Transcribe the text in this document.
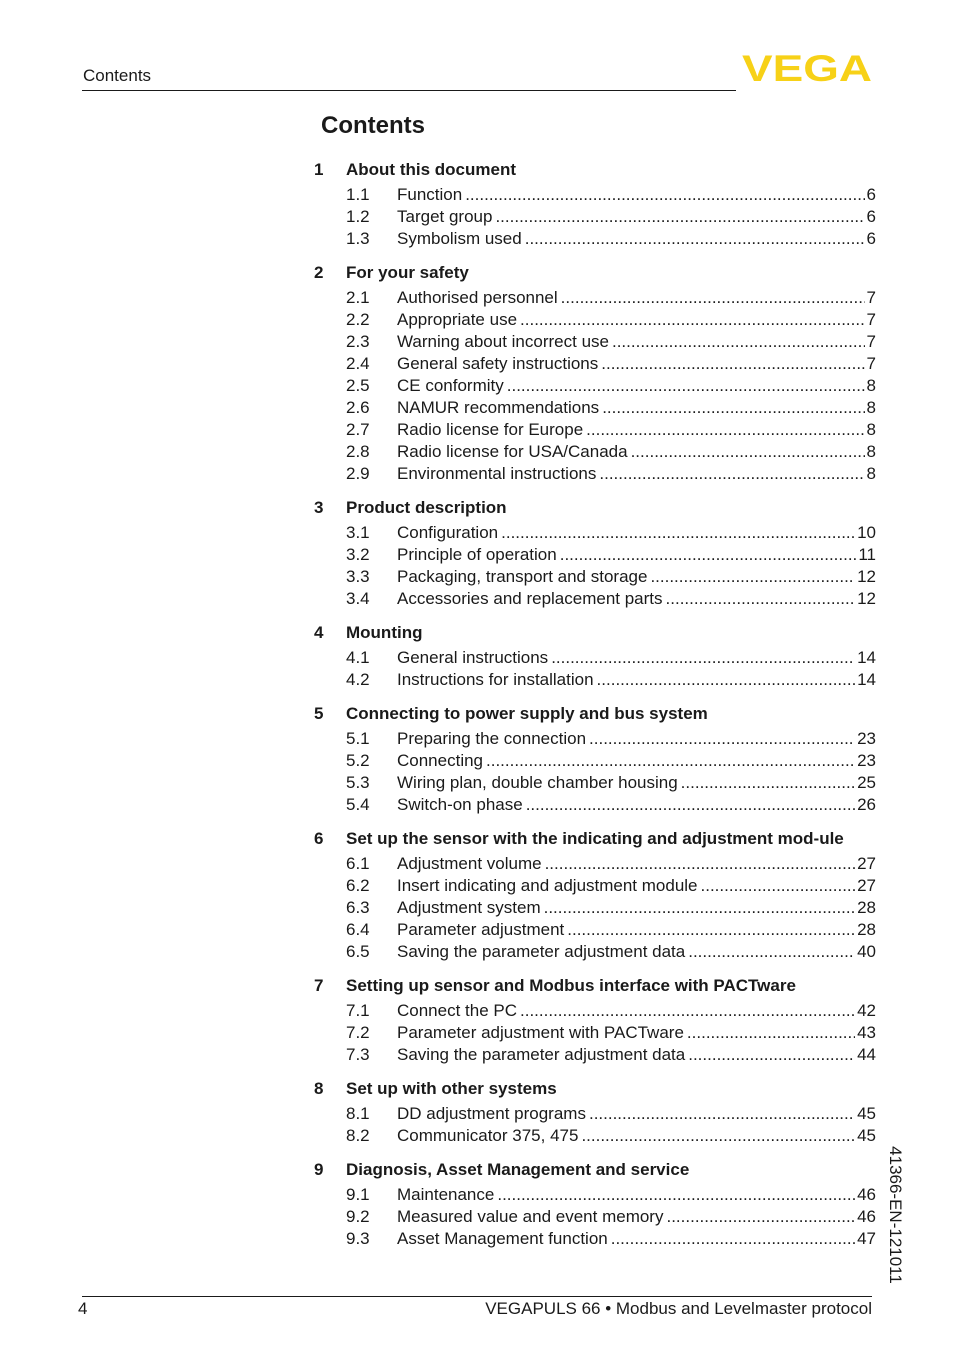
Contents	VEGA
Contents
1	About this document
1.1	Function .....	6
1.2	Target group .....	6
1.3	Symbolism used .....	6
2	For your safety
2.1	Authorised personnel .....	7
2.2	Appropriate use .....	7
2.3	Warning about incorrect use .....	7
2.4	General safety instructions .....	7
2.5	CE conformity .....	8
2.6	NAMUR recommendations .....	8
2.7	Radio license for Europe .....	8
2.8	Radio license for USA/Canada .....	8
2.9	Environmental instructions .....	8
3	Product description
3.1	Configuration .....	10
3.2	Principle of operation .....	11
3.3	Packaging, transport and storage .....	12
3.4	Accessories and replacement parts .....	12
4	Mounting
4.1	General instructions .....	14
4.2	Instructions for installation .....	14
5	Connecting to power supply and bus system
5.1	Preparing the connection .....	23
5.2	Connecting .....	23
5.3	Wiring plan, double chamber housing .....	25
5.4	Switch-on phase .....	26
6	Set up the sensor with the indicating and adjustment mod-ule
6.1	Adjustment volume .....	27
6.2	Insert indicating and adjustment module .....	27
6.3	Adjustment system .....	28
6.4	Parameter adjustment .....	28
6.5	Saving the parameter adjustment data .....	40
7	Setting up sensor and Modbus interface with PACTware
7.1	Connect the PC .....	42
7.2	Parameter adjustment with PACTware .....	43
7.3	Saving the parameter adjustment data .....	44
8	Set up with other systems
8.1	DD adjustment programs .....	45
8.2	Communicator 375, 475 .....	45
9	Diagnosis, Asset Management and service
9.1	Maintenance .....	46
9.2	Measured value and event memory .....	46
9.3	Asset Management function .....	47 41366-EN-121011
4	VEGAPULS 66 • Modbus and Levelmaster protocol
